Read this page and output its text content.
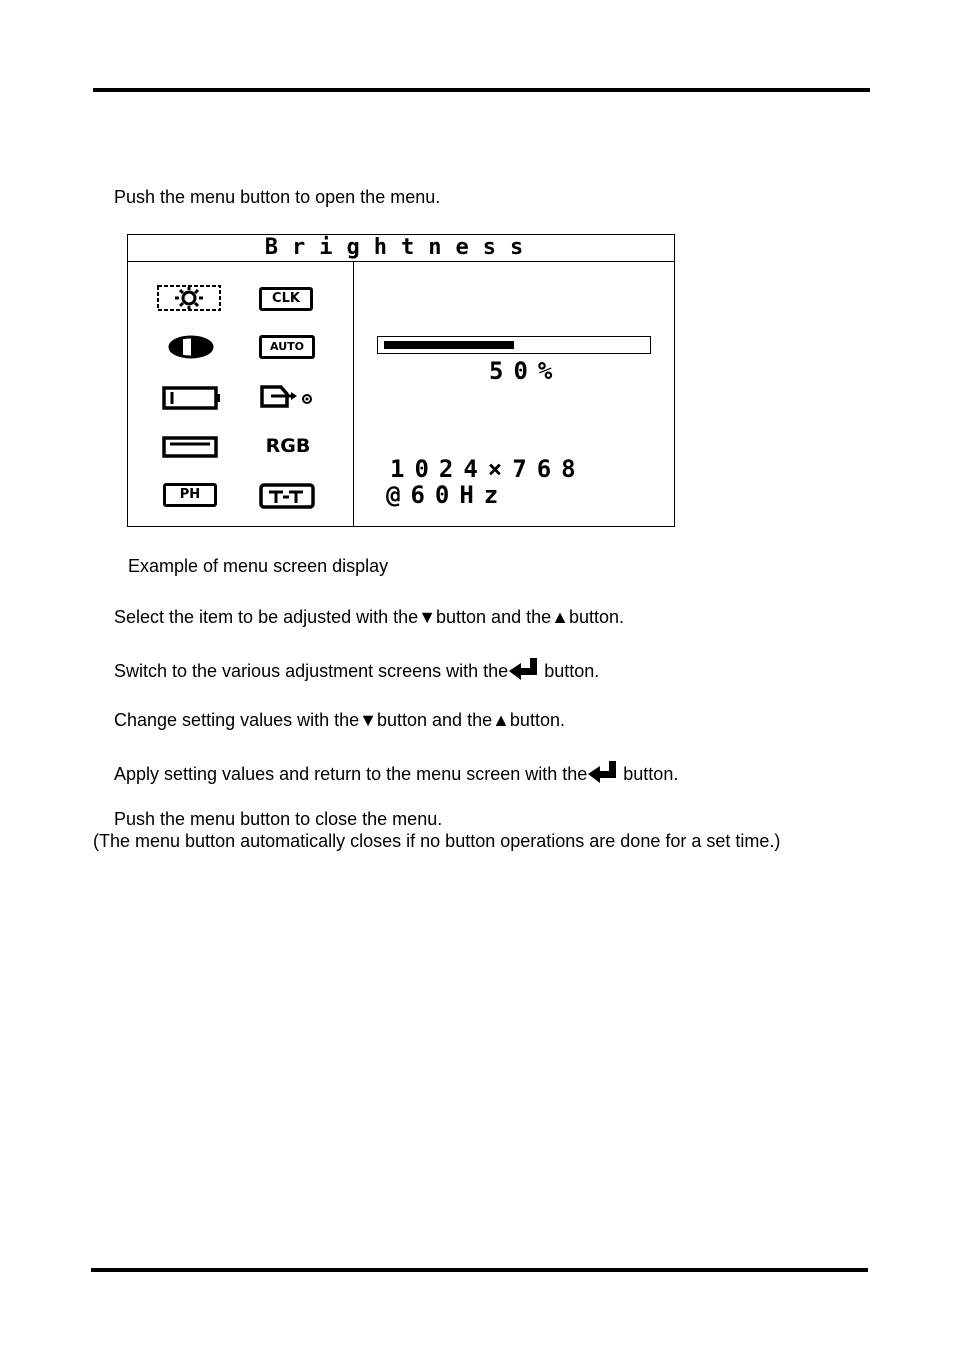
Push the menu button to open the menu.
Brightness
PH
CLK
AUTO
RGB
50%
1024×768
@60Hz
Example of menu screen display
Select the item to be adjusted with the▼button and the▲button.
Switch to the various adjustment screens with the button.
Change setting values with the▼button and the▲button.
Apply setting values and return to the menu screen with the button.
Push the menu button to close the menu.
(The menu button automatically closes if no button operations are done for a set time.)
